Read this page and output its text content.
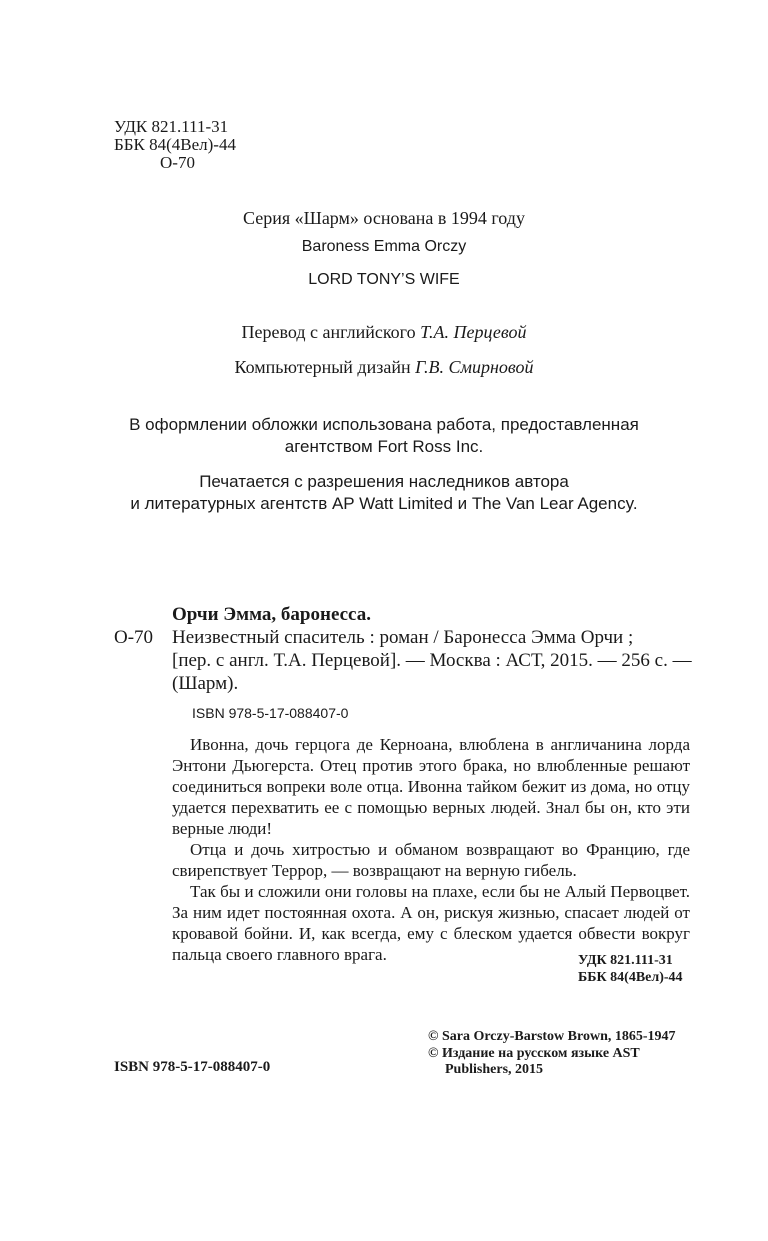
УДК 821.111-31
ББК 84(4Вел)-44
О-70
Серия «Шарм» основана в 1994 году
Baroness Emma Orczy
LORD TONY’S WIFE
Перевод с английского Т.А. Перцевой
Компьютерный дизайн Г.В. Смирновой
В оформлении обложки использована работа, предоставленная
агентством Fort Ross Inc.
Печатается с разрешения наследников автора
и литературных агентств AP Watt Limited и The Van Lear Agency.
Орчи Эмма, баронесса.
О-70 Неизвестный спаситель : роман / Баронесса Эмма Орчи ;
[пер. с англ. Т.А. Перцевой]. — Москва : АСТ, 2015. — 256 с. —
(Шарм).
ISBN 978-5-17-088407-0

Ивонна, дочь герцога де Керноана, влюблена в англичанина лорда Энтони Дьюгерста. Отец против этого брака, но влюбленные решают соединиться вопреки воле отца. Ивонна тайком бежит из дома, но отцу удается перехватить ее с помощью верных людей. Знал бы он, кто эти верные люди!

Отца и дочь хитростью и обманом возвращают во Францию, где свирепствует Террор, — возвращают на верную гибель.

Так бы и сложили они головы на плахе, если бы не Алый Первоцвет. За ним идет постоянная охота. А он, рискуя жизнью, спасает людей от кровавой бойни. И, как всегда, ему с блеском удается обвести вокруг пальца своего главного врага.	УДК 821.111-31
ББК 84(4Вел)-44
ISBN 978-5-17-088407-0
© Sara Orczy-Barstow Brown, 1865-1947
© Издание на русском языке AST
Publishers, 2015
